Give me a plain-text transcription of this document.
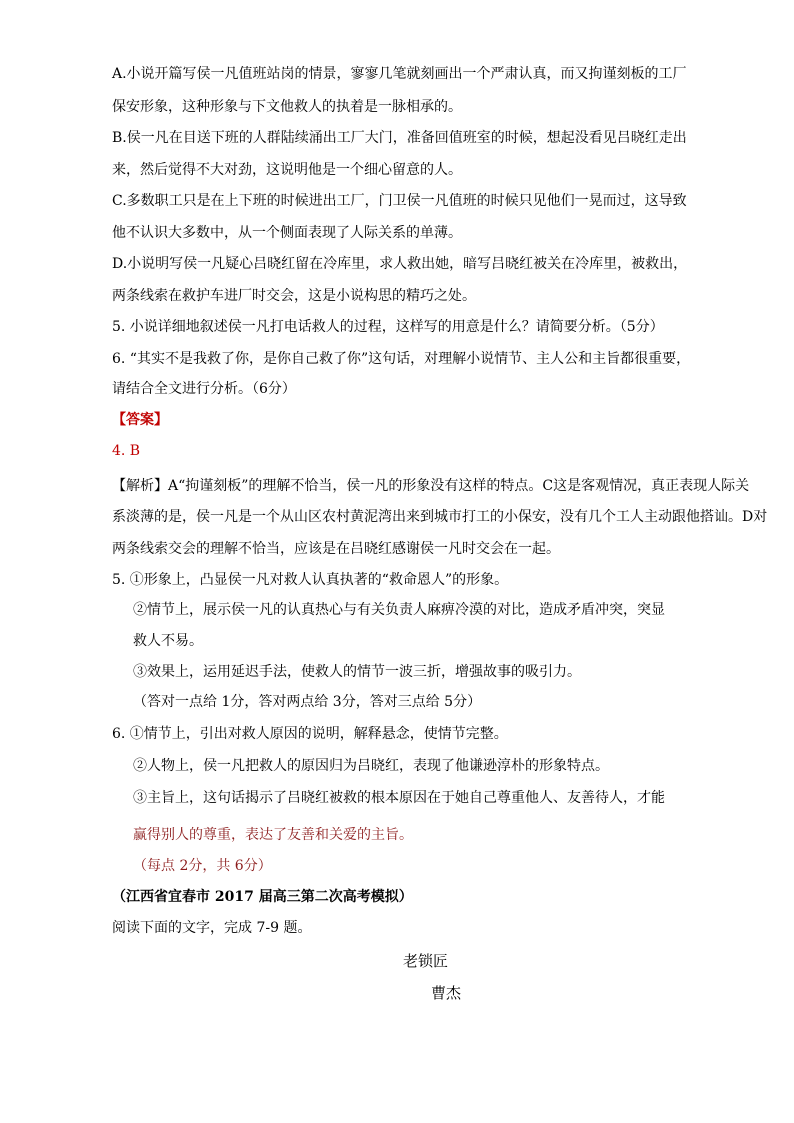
A.小说开篇写侯一凡值班站岗的情景，寥寥几笔就刻画出一个严肃认真，而又拘谨刻板的工厂
保安形象，这种形象与下文他救人的执着是一脉相承的。
B.侯一凡在目送下班的人群陆续涌出工厂大门，准备回值班室的时候，想起没看见吕晓红走出
来，然后觉得不大对劲，这说明他是一个细心留意的人。
C.多数职工只是在上下班的时候进出工厂，门卫侯一凡值班的时候只见他们一晃而过，这导致
他不认识大多数中，从一个侧面表现了人际关系的单薄。
D.小说明写侯一凡疑心吕晓红留在冷库里，求人救出她，暗写吕晓红被关在冷库里，被救出，
两条线索在救护车进厂时交会，这是小说构思的精巧之处。
5. 小说详细地叙述侯一凡打电话救人的过程，这样写的用意是什么？请简要分析。（5分）
6. “其实不是我救了你，是你自己救了你”这句话，对理解小说情节、主人公和主旨都很重要，
请结合全文进行分析。（6分）
【答案】
4. B
【解析】A“拘谨刻板”的理解不恰当，侯一凡的形象没有这样的特点。C这是客观情况，真正表现人际关
系淡薄的是，侯一凡是一个从山区农村黄泥湾出来到城市打工的小保安，没有几个工人主动跟他搭讪。D对
两条线索交会的理解不恰当，应该是在吕晓红感谢侯一凡时交会在一起。
5. ①形象上，凸显侯一凡对救人认真执著的“救命恩人”的形象。
②情节上，展示侯一凡的认真热心与有关负责人麻痹冷漠的对比，造成矛盾冲突，突显
救人不易。
③效果上，运用延迟手法，使救人的情节一波三折，增强故事的吸引力。
（答对一点给 1分，答对两点给 3分，答对三点给 5分）
6. ①情节上，引出对救人原因的说明，解释悬念，使情节完整。
②人物上，侯一凡把救人的原因归为吕晓红，表现了他谦逊淳朴的形象特点。
③主旨上，这句话揭示了吕晓红被救的根本原因在于她自己尊重他人、友善待人，才能
赢得别人的尊重，表达了友善和关爱的主旨。
（每点 2分，共 6分）
（江西省宜春市 2017 届高三第二次高考模拟）
阅读下面的文字，完成 7-9 题。
老锁匠
曹杰
